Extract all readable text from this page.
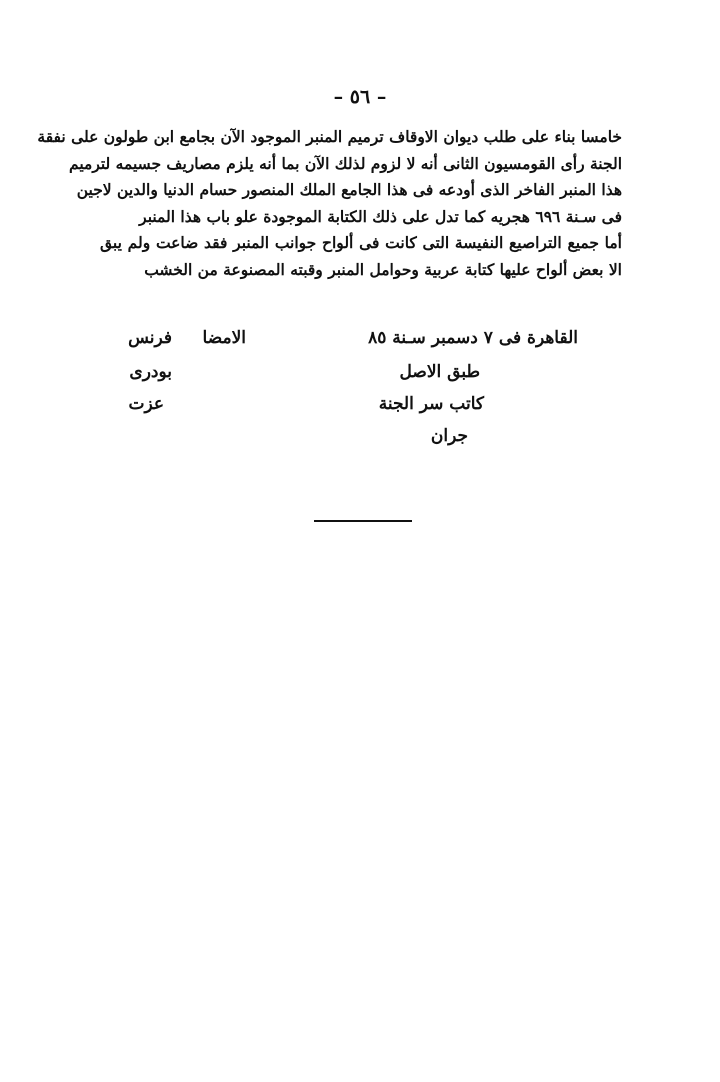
– ٥٦ –
خامسا بناء على طلب ديوان الاوقاف ترميم المنبر الموجود الآن بجامع ابن طولون على نفقة
الجنة رأى القومسيون الثانى أنه لا لزوم لذلك الآن بما أنه يلزم مصاريف جسيمه لترميم
هذا المنبر الفاخر الذى أودعه فى هذا الجامع الملك المنصور حسام الدنيا والدين لاجين
فى سـنة ٦٩٦ هجريه كما تدل على ذلك الكتابة الموجودة علو باب هذا المنبر
أما جميع التراصيع النفيسة التى كانت فى ألواح جوانب المنبر فقد ضاعت ولم يبق
الا بعض ألواح عليها كتابة عربية وحوامل المنبر وقبته المصنوعة من الخشب
القاهرة فى ٧ دسمبر سـنة ٨٥
الامضا
فرنس
طبق الاصل
بودرى
كاتب سر الجنة
عزت
جران
